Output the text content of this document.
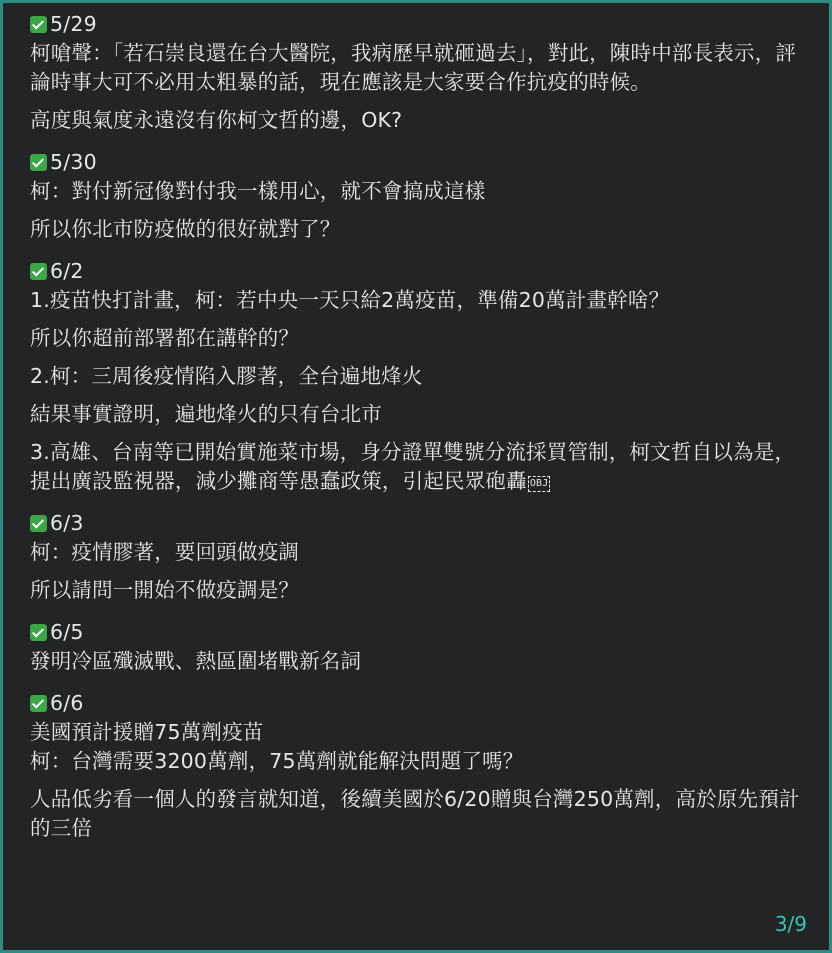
5/29

柯嗆聲：「若石崇良還在台大醫院，我病歷早就砸過去」，對此，陳時中部長表示，評論時事大可不必用太粗暴的話，現在應該是大家要合作抗疫的時候。

高度與氣度永遠沒有你柯文哲的邊，OK?

5/30

柯：對付新冠像對付我一樣用心，就不會搞成這樣

所以你北市防疫做的很好就對了？

6/2

1.疫苗快打計畫，柯：若中央一天只給2萬疫苗，準備20萬計畫幹啥？

所以你超前部署都在講幹的？

2.柯：三周後疫情陷入膠著，全台遍地烽火

結果事實證明，遍地烽火的只有台北市

3.高雄、台南等已開始實施菜市場，身分證單雙號分流採買管制，柯文哲自以為是，提出廣設監視器，減少攤商等愚蠢政策，引起民眾砲轟 OBJ

6/3

柯：疫情膠著，要回頭做疫調

所以請問一開始不做疫調是？

6/5

發明冷區殲滅戰、熱區圍堵戰新名詞

6/6

美國預計援贈75萬劑疫苗

柯：台灣需要3200萬劑，75萬劑就能解決問題了嗎？

人品低劣看一個人的發言就知道，後續美國於6/20贈與台灣250萬劑，高於原先預計的三倍

3/9
